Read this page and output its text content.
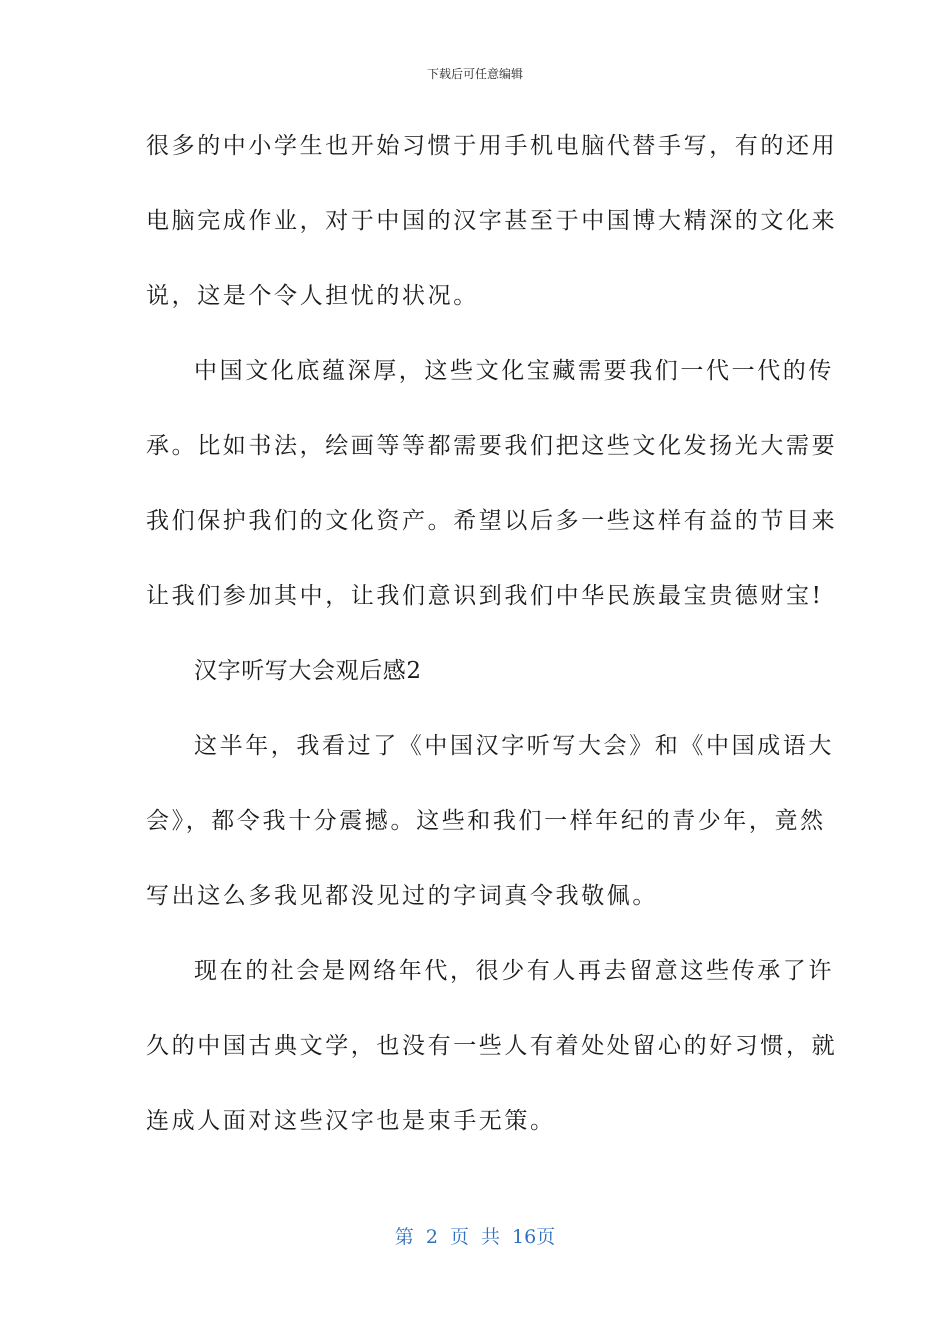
下载后可任意编辑
很多的中小学生也开始习惯于用手机电脑代替手写，有的还用
电脑完成作业，对于中国的汉字甚至于中国博大精深的文化来
说，这是个令人担忧的状况。
中国文化底蕴深厚，这些文化宝藏需要我们一代一代的传
承。比如书法，绘画等等都需要我们把这些文化发扬光大需要
我们保护我们的文化资产。希望以后多一些这样有益的节目来
让我们参加其中，让我们意识到我们中华民族最宝贵德财宝!
汉字听写大会观后感2
这半年，我看过了《中国汉字听写大会》和《中国成语大
会》，都令我十分震撼。这些和我们一样年纪的青少年，竟然
写出这么多我见都没见过的字词真令我敬佩。
现在的社会是网络年代，很少有人再去留意这些传承了许
久的中国古典文学，也没有一些人有着处处留心的好习惯，就
连成人面对这些汉字也是束手无策。
第 2 页 共 16页
